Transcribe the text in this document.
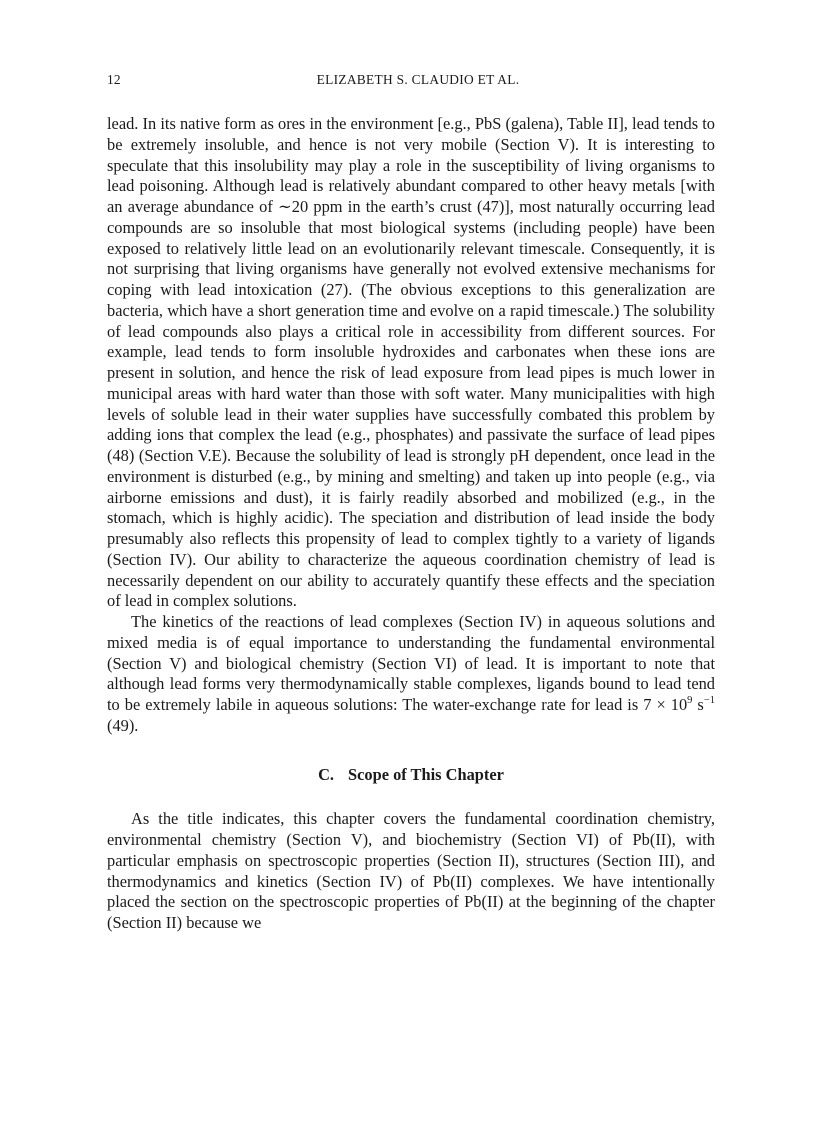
12	ELIZABETH S. CLAUDIO ET AL.

lead. In its native form as ores in the environment [e.g., PbS (galena), Table II], lead tends to be extremely insoluble, and hence is not very mobile (Section V). It is interesting to speculate that this insolubility may play a role in the susceptibility of living organisms to lead poisoning. Although lead is relatively abundant compared to other heavy metals [with an average abundance of ∼20 ppm in the earth’s crust (47)], most naturally occurring lead compounds are so insoluble that most biological systems (including people) have been exposed to relatively little lead on an evolutionarily relevant timescale. Consequently, it is not surprising that living organisms have generally not evolved extensive mechanisms for coping with lead intoxication (27). (The obvious exceptions to this generalization are bacteria, which have a short generation time and evolve on a rapid timescale.) The solubility of lead compounds also plays a critical role in accessibility from different sources. For example, lead tends to form insoluble hydroxides and carbonates when these ions are present in solution, and hence the risk of lead exposure from lead pipes is much lower in municipal areas with hard water than those with soft water. Many municipalities with high levels of soluble lead in their water supplies have successfully combated this problem by adding ions that complex the lead (e.g., phosphates) and passivate the surface of lead pipes (48) (Section V.E). Because the solubility of lead is strongly pH dependent, once lead in the environment is disturbed (e.g., by mining and smelting) and taken up into people (e.g., via airborne emissions and dust), it is fairly readily absorbed and mobilized (e.g., in the stomach, which is highly acidic). The speciation and distribution of lead inside the body presumably also reflects this propensity of lead to complex tightly to a variety of ligands (Section IV). Our ability to characterize the aqueous coordination chemistry of lead is necessarily dependent on our ability to accurately quantify these effects and the speciation of lead in complex solutions.

The kinetics of the reactions of lead complexes (Section IV) in aqueous solutions and mixed media is of equal importance to understanding the fundamental environmental (Section V) and biological chemistry (Section VI) of lead. It is important to note that although lead forms very thermodynamically stable complexes, ligands bound to lead tend to be extremely labile in aqueous solutions: The water-exchange rate for lead is $7 \times 10^9$ $s^{-1}$ (49).

C. Scope of This Chapter

As the title indicates, this chapter covers the fundamental coordination chemistry, environmental chemistry (Section V), and biochemistry (Section VI) of Pb(II), with particular emphasis on spectroscopic properties (Section II), structures (Section III), and thermodynamics and kinetics (Section IV) of Pb(II) complexes. We have intentionally placed the section on the spectroscopic properties of Pb(II) at the beginning of the chapter (Section II) because we
